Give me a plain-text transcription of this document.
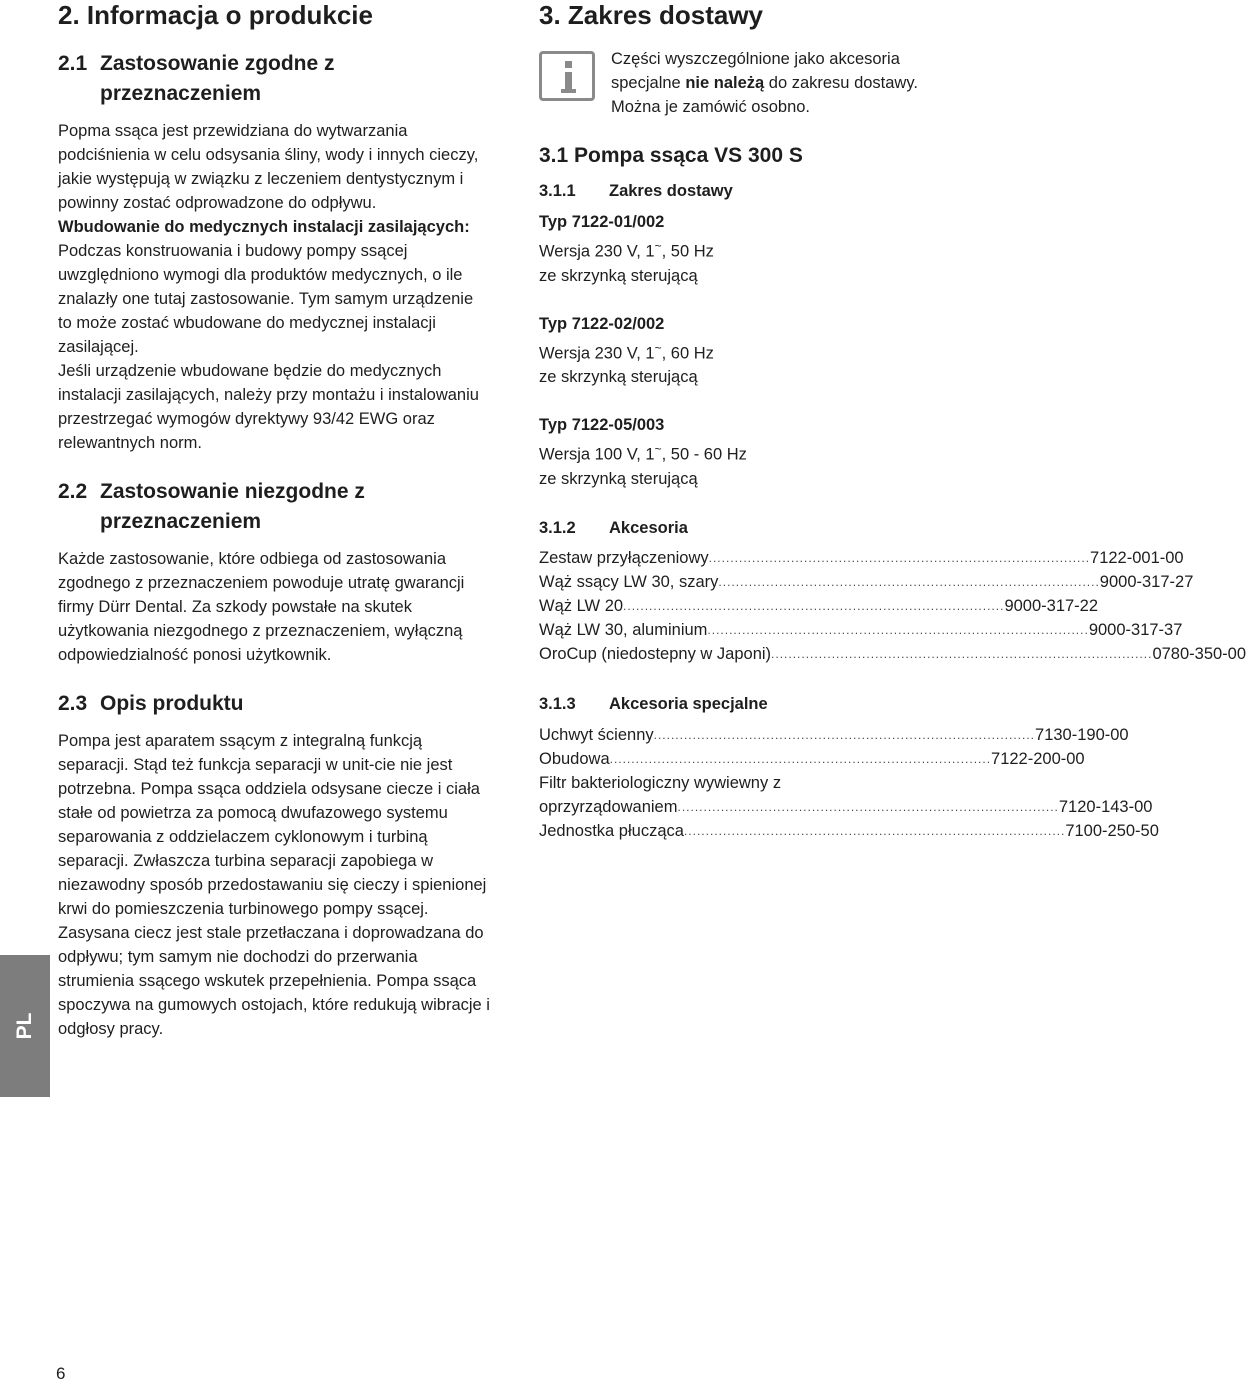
2. Informacja o produkcie
2.1 Zastosowanie zgodne z przeznaczeniem

Popma ssąca jest przewidziana do wytwarzania podciśnienia w celu odsysania śliny, wody i innych cieczy, jakie występują w związku z leczeniem dentystycznym i powinny zostać odprowadzone do odpływu.

Wbudowanie do medycznych instalacji zasilających:

Podczas konstruowania i budowy pompy ssącej uwzględniono wymogi dla produktów medycznych, o ile znalazły one tutaj zastosowanie. Tym samym urządzenie to może zostać wbudowane do medycznej instalacji zasilającej.

Jeśli urządzenie wbudowane będzie do medycznych instalacji zasilających, należy przy montażu i instalowaniu przestrzegać wymogów dyrektywy 93/42 EWG oraz relewantnych norm.

2.2 Zastosowanie niezgodne z przeznaczeniem

Każde zastosowanie, które odbiega od zastosowania zgodnego z przeznaczeniem powoduje utratę gwarancji firmy Dürr Dental. Za szkody powstałe na skutek użytkowania niezgodnego z przeznaczeniem, wyłączną odpowiedzialność ponosi użytkownik.

2.3 Opis produktu

Pompa jest aparatem ssącym z integralną funkcją separacji. Stąd też funkcja separacji w unit-cie nie jest potrzebna. Pompa ssąca oddziela odsysane ciecze i ciała stałe od powietrza za pomocą dwufazowego systemu separowania z oddzielaczem cyklonowym i turbiną separacji. Zwłaszcza turbina separacji zapobiega w niezawodny sposób przedostawaniu się cieczy i spienionej krwi do pomieszczenia turbinowego pompy ssącej. Zasysana ciecz jest stale przetłaczana i doprowadzana do odpływu; tym samym nie dochodzi do przerwania strumienia ssącego wskutek przepełnienia. Pompa ssąca spoczywa na gumowych ostojach, które redukują wibracje i odgłosy pracy.

3. Zakres dostawy

Części wyszczególnione jako akcesoria specjalne nie należą do zakresu dostawy. Można je zamówić osobno.

3.1 Pompa ssąca VS 300 S
3.1.1	Zakres dostawy

Typ 7122-01/002

Wersja 230 V, 1~, 50 Hz

ze skrzynką sterującą

Typ 7122-02/002

Wersja 230 V, 1~, 60 Hz

ze skrzynką sterującą

Typ 7122-05/003

Wersja 100 V, 1~, 50 - 60 Hz

ze skrzynką sterującą

3.1.2	Akcesoria
Zestaw przyłączeniowy ........................................................................................ 7122-001-00
Wąż ssący LW 30, szary ........................................................................................ 9000-317-27
Wąż LW 20 ........................................................................................ 9000-317-22
Wąż LW 30, aluminium ........................................................................................ 9000-317-37
OroCup (niedostepny w Japoni) ........................................................................................ 0780-350-00
3.1.3	Akcesoria specjalne
Uchwyt ścienny ........................................................................................ 7130-190-00
Obudowa ........................................................................................ 7122-200-00

Filtr bakteriologiczny wywiewny z

oprzyrządowaniem ........................................................................................ 7120-143-00
Jednostka płucząca ........................................................................................ 7100-250-50
PL
6
